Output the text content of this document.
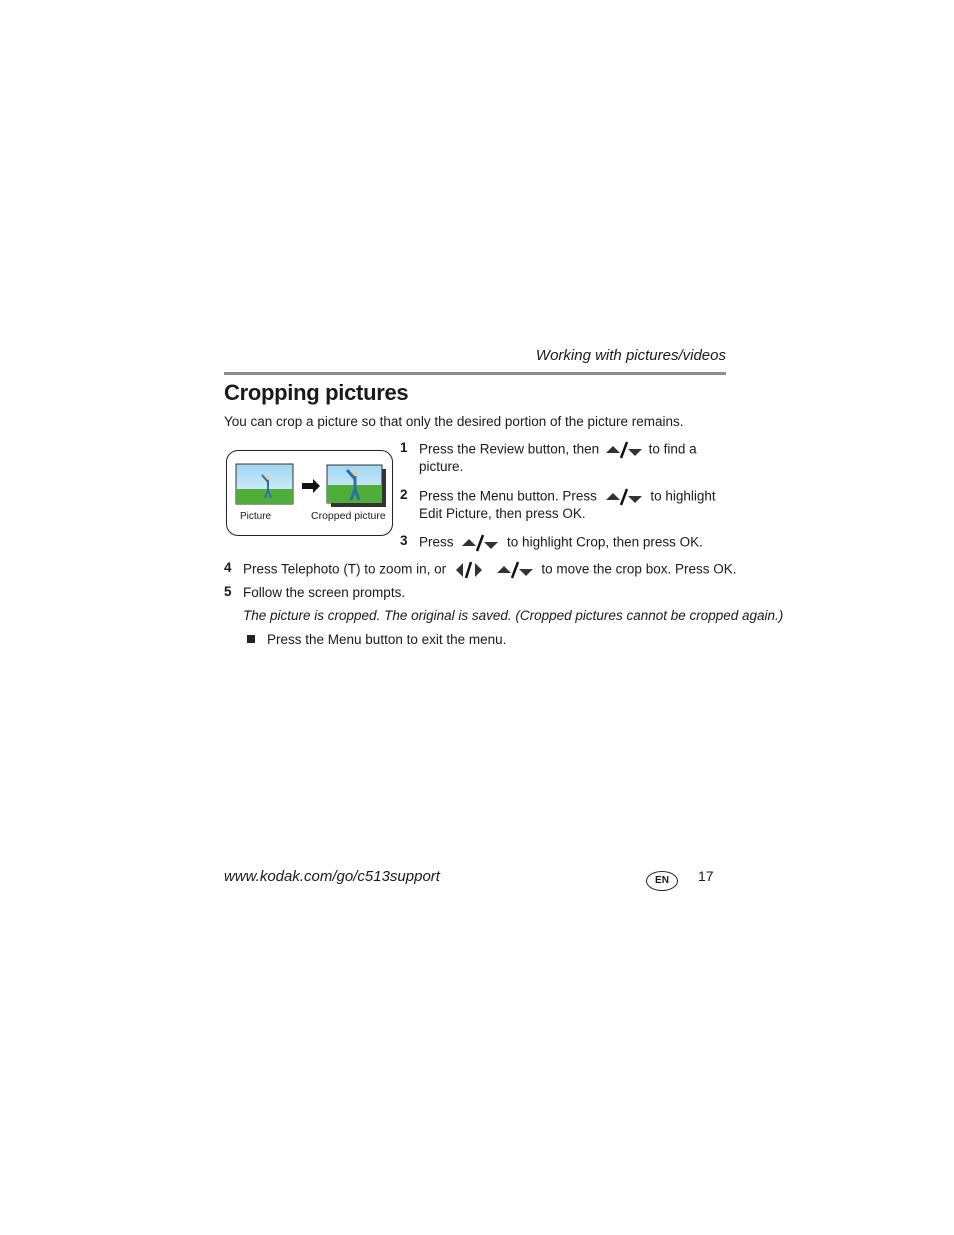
Working with pictures/videos
Cropping pictures
You can crop a picture so that only the desired portion of the picture remains.
Picture	Cropped picture
1 Press the Review button, then	to find a
picture.
2 Press the Menu button. Press	to highlight
Edit Picture, then press OK.
3 Press	to highlight Crop, then press OK.
4 Press Telephoto (T) to zoom in, or	to move the crop box. Press OK.
5 Follow the screen prompts.
The picture is cropped. The original is saved. (Cropped pictures cannot be cropped again.)
Press the Menu button to exit the menu.
www.kodak.com/go/c513support	EN	17
